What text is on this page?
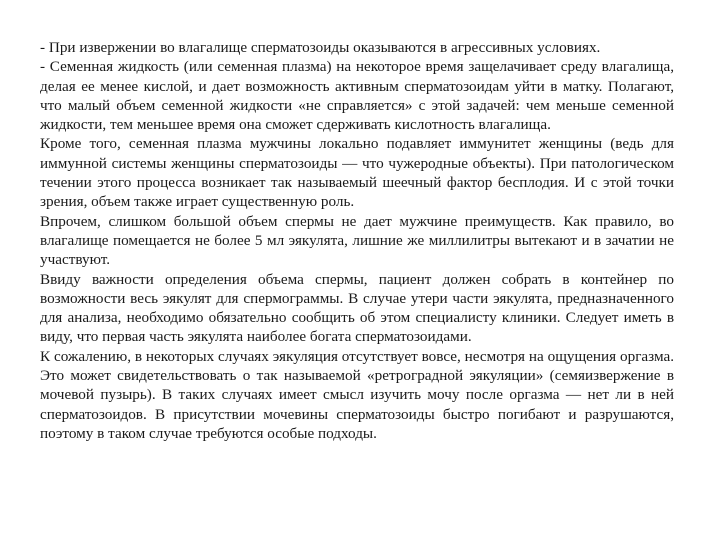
- При извержении во влагалище сперматозоиды оказываются в агрессивных условиях.

- Семенная жидкость (или семенная плазма) на некоторое время защелачивает среду влагалища, делая ее менее кислой, и дает возможность активным сперматозоидам уйти в матку. Полагают, что малый объем семенной жидкости «не справляется» с этой задачей: чем меньше семенной жидкости, тем меньшее время она сможет сдерживать кислотность влагалища.

Кроме того, семенная плазма мужчины локально подавляет иммунитет женщины (ведь для иммунной системы женщины сперматозоиды — что чужеродные объекты). При патологическом течении этого процесса возникает так называемый шеечный фактор бесплодия. И с этой точки зрения, объем также играет существенную роль.

Впрочем, слишком большой объем спермы не дает мужчине преимуществ. Как правило, во влагалище помещается не более 5 мл эякулята, лишние же миллилитры вытекают и в зачатии не участвуют.

Ввиду важности определения объема спермы, пациент должен собрать в контейнер по возможности весь эякулят для спермограммы. В случае утери части эякулята, предназначенного для анализа, необходимо обязательно сообщить об этом специалисту клиники. Следует иметь в виду, что первая часть эякулята наиболее богата сперматозоидами.

К сожалению, в некоторых случаях эякуляция отсутствует вовсе, несмотря на ощущения оргазма. Это может свидетельствовать о так называемой «ретроградной эякуляции» (семяизвержение в мочевой пузырь). В таких случаях имеет смысл изучить мочу после оргазма — нет ли в ней сперматозоидов. В присутствии мочевины сперматозоиды быстро погибают и разрушаются, поэтому в таком случае требуются особые подходы.
